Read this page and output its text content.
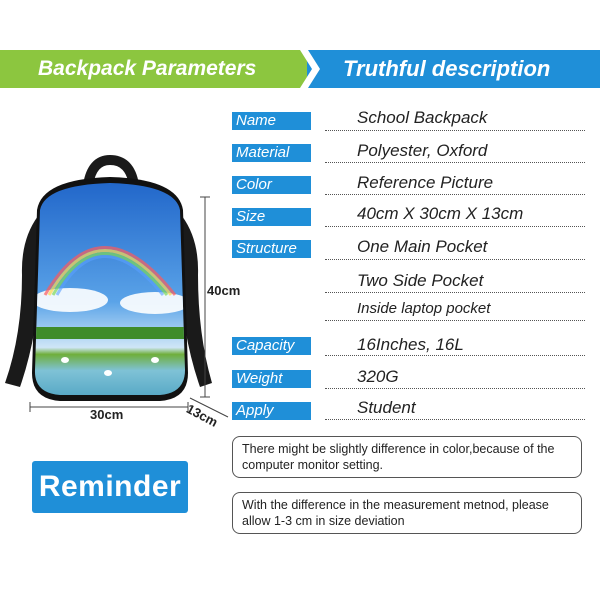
Backpack Parameters	Truthful description
40cm
30cm	13cm
Name	School Backpack
Material	Polyester, Oxford
Color	Reference Picture
Size	40cm X 30cm X 13cm
Structure	One Main Pocket
Two Side Pocket
Inside laptop pocket
Capacity	16Inches, 16L
Weight	320G
Apply	Student
There might be slightly difference in color,because of the computer monitor setting.
With the difference in the measurement metnod, please allow 1-3 cm in size deviation
Reminder
